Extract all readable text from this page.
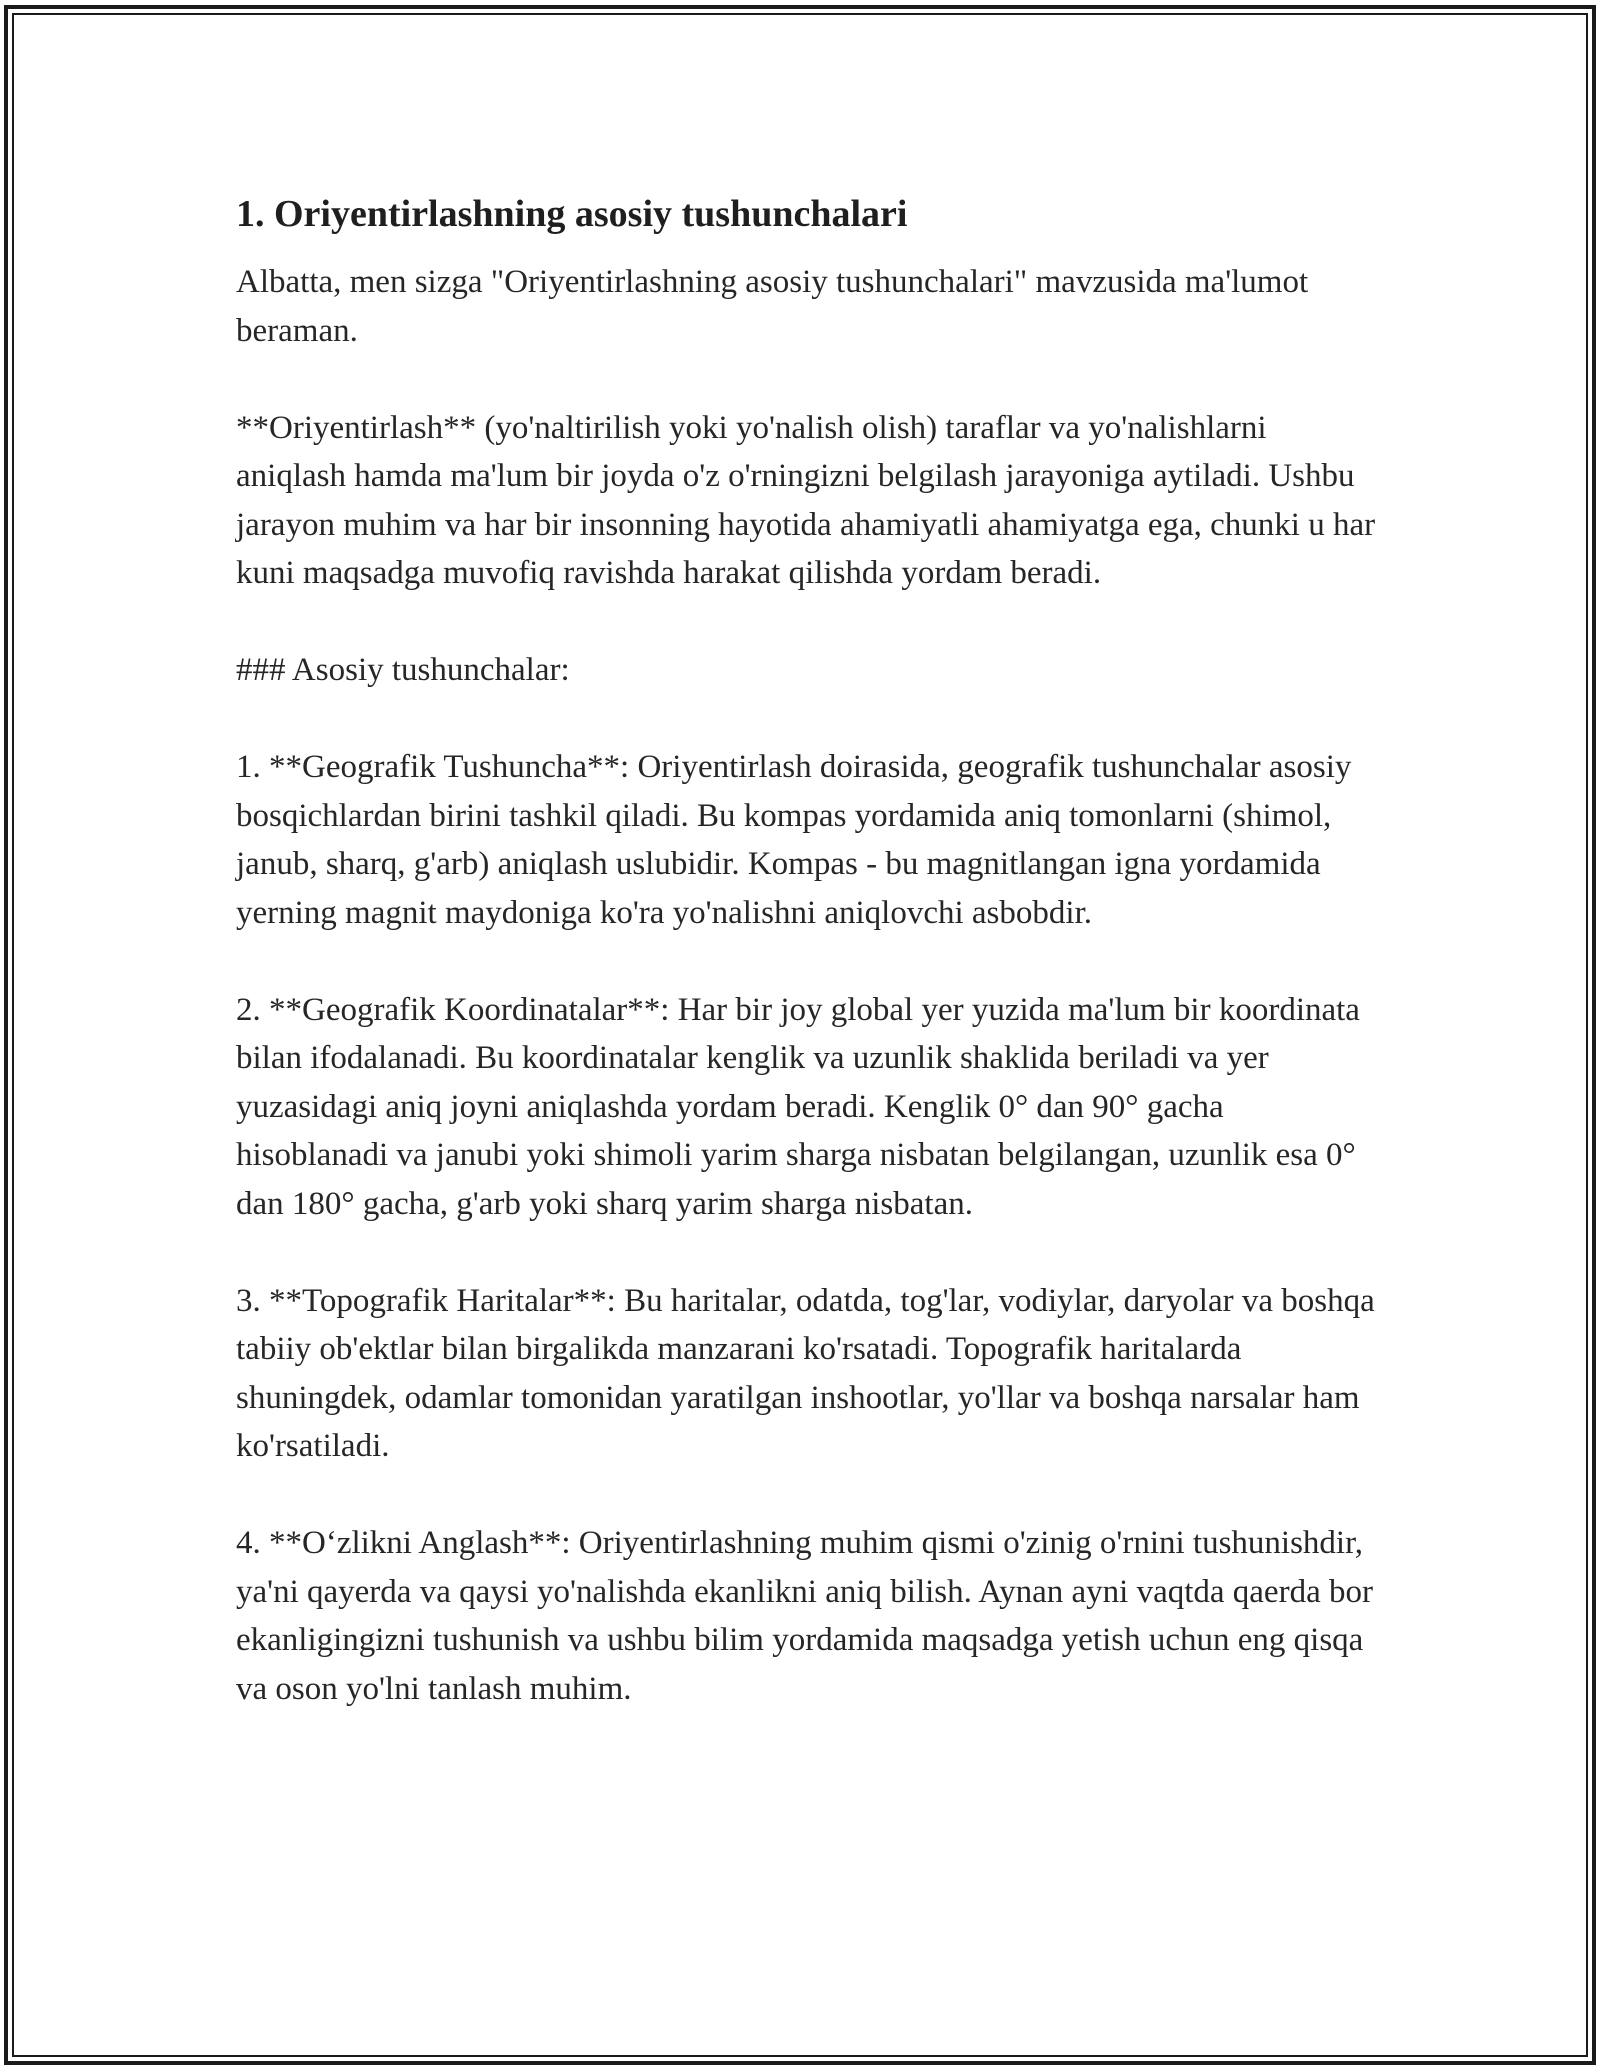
1. Oriyentirlashning asosiy tushunchalari

Albatta, men sizga "Oriyentirlashning asosiy tushunchalari" mavzusida ma'lumot beraman.

**Oriyentirlash** (yo'naltirilish yoki yo'nalish olish) taraflar va yo'nalishlarni aniqlash hamda ma'lum bir joyda o'z o'rningizni belgilash jarayoniga aytiladi. Ushbu jarayon muhim va har bir insonning hayotida ahamiyatli ahamiyatga ega, chunki u har kuni maqsadga muvofiq ravishda harakat qilishda yordam beradi.

### Asosiy tushunchalar:

1. **Geografik Tushuncha**: Oriyentirlash doirasida, geografik tushunchalar asosiy bosqichlardan birini tashkil qiladi. Bu kompas yordamida aniq tomonlarni (shimol, janub, sharq, g'arb) aniqlash uslubidir. Kompas - bu magnitlangan igna yordamida yerning magnit maydoniga ko'ra yo'nalishni aniqlovchi asbobdir.

2. **Geografik Koordinatalar**: Har bir joy global yer yuzida ma'lum bir koordinata bilan ifodalanadi. Bu koordinatalar kenglik va uzunlik shaklida beriladi va yer yuzasidagi aniq joyni aniqlashda yordam beradi. Kenglik 0° dan 90° gacha hisoblanadi va janubi yoki shimoli yarim sharga nisbatan belgilangan, uzunlik esa 0° dan 180° gacha, g'arb yoki sharq yarim sharga nisbatan.

3. **Topografik Haritalar**: Bu haritalar, odatda, tog'lar, vodiylar, daryolar va boshqa tabiiy ob'ektlar bilan birgalikda manzarani ko'rsatadi. Topografik haritalarda shuningdek, odamlar tomonidan yaratilgan inshootlar, yo'llar va boshqa narsalar ham ko'rsatiladi.

4. **O‘zlikni Anglash**: Oriyentirlashning muhim qismi o'zinig o'rnini tushunishdir, ya'ni qayerda va qaysi yo'nalishda ekanlikni aniq bilish. Aynan ayni vaqtda qaerda bor ekanligingizni tushunish va ushbu bilim yordamida maqsadga yetish uchun eng qisqa va oson yo'lni tanlash muhim.
